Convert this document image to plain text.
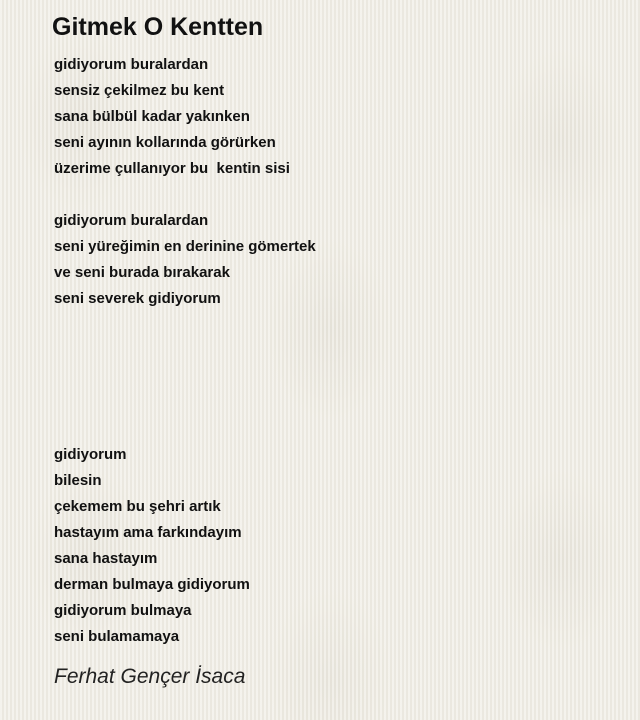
Gitmek O Kentten
gidiyorum buralardan
sensiz çekilmez bu kent
sana bülbül kadar yakınken
seni ayının kollarında görürken
üzerime çullanıyor bu  kentin sisi
gidiyorum buralardan
seni yüreğimin en derinine gömertek
ve seni burada bırakarak
seni severek gidiyorum
gidiyorum
bilesin
çekemem bu şehri artık
hastayım ama farkındayım
sana hastayım
derman bulmaya gidiyorum
gidiyorum bulmaya
seni bulamamaya
Ferhat Gençer İsaca
